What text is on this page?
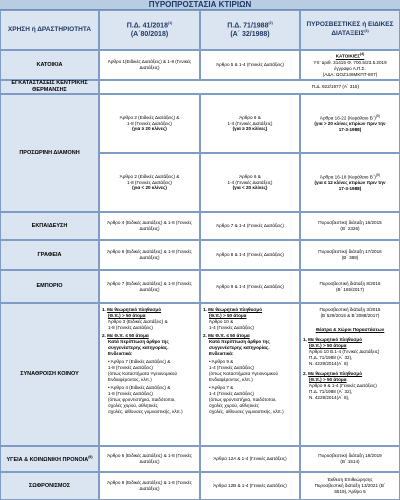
ΠΥΡΟΠΡΟΣΤΑΣΙΑ ΚΤΙΡΙΩΝ
ΧΡΗΣΗ ή ΔΡΑΣΤΗΡΙΟΤΗΤΑ
Π.Δ. 41/2018$^{(1)}$
(Α΄80/2018)
Π.Δ. 71/1988$^{(2)}$
(Α΄ 32/1988)
ΠΥΡΟΣΒΕΣΤΙΚΕΣ ή ΕΙΔΙΚΕΣ
ΔΙΑΤΑΞΕΙΣ$^{(3)}$
ΚΑΤΟΙΚΙΑ
Άρθρο 1(Ειδικές Διατάξεις) & 1-8 (Γενικές Διατάξεις)
Άρθρο 5 & 1-4 (Γενικές Διατάξεις)
ΚΑΤΟΙΚΙΕΣ$^{(4)}$
Υπ' αριθ. 31415 Φ. 700.5/23.5.2019
έγγραφο Α.Π.Σ.
(ΑΔΑ: ΩΟΖ146ΜΚΠΤ-807)
ΕΓΚΑΤΑΣΤΑΣΕΙΣ ΚΕΝΤΡΙΚΗΣ ΘΕΡΜΑΝΣΗΣ
Π.Δ. 922/1977 (Α΄ 315)
ΠΡΟΣΩΡΙΝΗ ΔΙΑΜΟΝΗ
Άρθρο 2 (Ειδικές Διατάξεις) &
1-8 (Γενικές Διατάξεις)
(για ≥ 20 κλίνες)
Άρθρο 6 &
1-4 (Γενικές Διατάξεις)
(για ≥ 20 κλίνες)
Άρθρα 16-22 (Κεφάλαιο Β΄)$^{(5)}$
(για > 20 κλίνες κτιρίων πριν την
17-3-1988)
Άρθρο 2 (Ειδικές Διατάξεις) &
1-8 (Γενικές Διατάξεις)
(για < 20 κλίνες)
Άρθρο 6 &
1-4 (Γενικές Διατάξεις)
(για < 20 κλίνες)
Άρθρα 16-18 (Κεφάλαιο Β΄)$^{(5)}$
(για ≤ 12 κλίνες κτιρίων πριν την
17-3-1988)
ΕΚΠΑΙΔΕΥΣΗ
Άρθρο 4 (Ειδικές Διατάξεις) & 1-8 (Γενικές Διατάξεις)
Άρθρο 7 & 1-4 (Γενικές Διατάξεις)
Πυροσβεστική διάταξη 16/2015
(Β΄ 2326)
ΓΡΑΦΕΙΑ
Άρθρο 6 (Ειδικές Διατάξεις) & 1-8 (Γενικές Διατάξεις)
Άρθρο 8 & 1-4 (Γενικές Διατάξεις)
Πυροσβεστική διάταξη 17/2016
(Β΄ 388)
ΕΜΠΟΡΙΟ
Άρθρο 7 (Ειδικές Διατάξεις) & 1-8 (Γενικές Διατάξεις)
Άρθρο 9 & 1-4 (Γενικές Διατάξεις)
Πυροσβεστική διάταξη 8/2016
(Β΄ 165/2017)
ΣΥΝΑΘΡΟΙΣΗ ΚΟΙΝΟΥ
1. Με θεωρητικό πληθυσμό
(Θ.π.) > 50 άτομα
Άρθρο 3 (Ειδικές Διατάξεις) &
1-8 (Γενικές Διατάξεις)
2. Με Θ.π. ≤ 50 άτομα
Κατά περίπτωση άρθρο της
συγγενέστερης κατηγορίας.
Ενδεικτικά:
• Άρθρο 7 (Ειδικές Διατάξεις) &
1-8 (Γενικές Διατάξεις)
(όπως Καταστήματα Υγειονομικού
Ενδιαφέροντος, κλπ.)
• Άρθρο 4 (Ειδικές Διατάξεις) &
1-8 (Γενικές Διατάξεις)
(όπως φροντιστήρια, παιδότοποι,
σχολές χορού, αθλητικές
σχολές, αίθουσες γυμναστικής, κλπ.)
1. Με θεωρητικό πληθυσμό
(Θ.π.) > 50 άτομα
Άρθρο 10 &
1-4 (Γενικές Διατάξεις)
2. Με Θ.π. ≤ 50 άτομα
Κατά περίπτωση άρθρο της
συγγενέστερης κατηγορίας.
Ενδεικτικά:
• Άρθρο 9 &
1-4 (Γενικές Διατάξεις)
(όπως Καταστήματα Υγειονομικού
Ενδιαφέροντος, κλπ.)
• Άρθρο 7 &
1-4 (Γενικές Διατάξεις)
(όπως φροντιστήρια, παιδότοποι,
σχολές χορού, αθλητικές
σχολές, αίθουσες γυμναστικής, κλπ.)
Πυροσβεστική διάταξη 3/2015
(Β΄529/2015 & Β΄2088/2017)
Θέατρα & Χώροι Παραστάσεων
1. Με θεωρητικό πληθυσμό
(Θ.π.) > 50 άτομα
Άρθρο 10 Β.1-4 (Γενικές Διατάξεις)
Π.Δ. 71/1988 (Α΄ 32),
Ν. 4229/2014(Α΄ 8)
2. Με θεωρητικό πληθυσμό
(Θ.π.) > 50 άτομα
Άρθρο 9 & 1-4 (Γενικές Διατάξεις)
Π.Δ. 71/1988 (Α΄ 32),
Ν. 4229/2014(Α΄ 8),
ΥΓΕΙΑ & ΚΟΙΝΩΝΙΚΗ ΠΡΟΝΟΙΑ$^{(6)}$	Άρθρο 5 (Ειδικές Διατάξεις) & 1-8 (Γενικές Διατάξεις)
Άρθρα 12Α & 1-4 (Γενικές Διατάξεις)
Πυροσβεστική διάταξη 18/2019
(Β΄ 1514)
ΣΩΦΡΟΝΙΣΜΟΣ
Άρθρο 8 (Ειδικές Διατάξεις) & 1-8 (Γενικές Διατάξεις)
Άρθρα 12Β & 1-4 (Γενικές Διατάξεις)
Έκθεση Επιθεώρησης
Πυροσβεστική διάταξη 13/2021 (Β΄
5519), Άρθρο 5
